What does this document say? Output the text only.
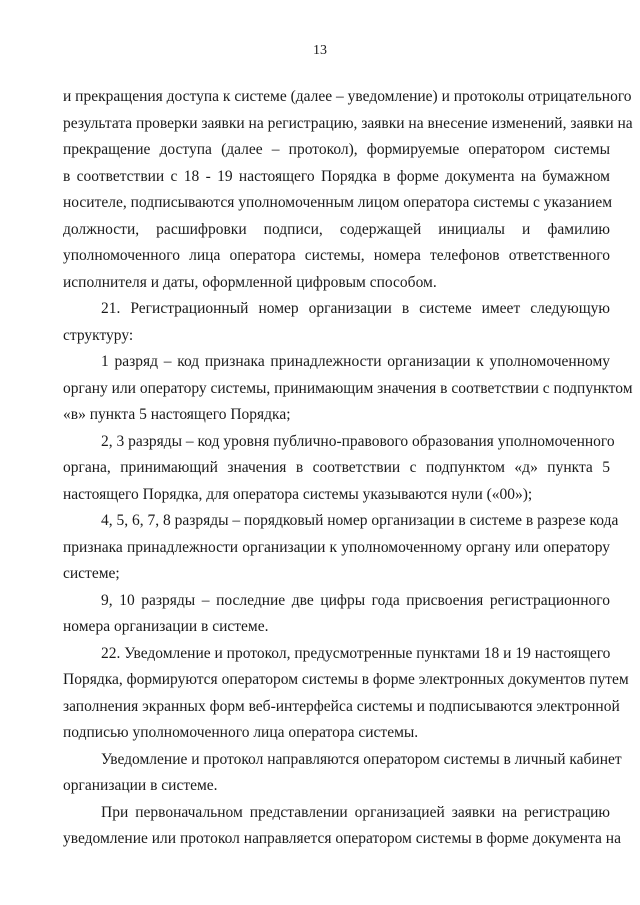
13
и прекращения доступа к системе (далее – уведомление) и протоколы отрицательного
результата проверки заявки на регистрацию, заявки на внесение изменений, заявки на
прекращение доступа (далее – протокол), формируемые оператором системы
в соответствии с 18 - 19 настоящего Порядка в форме документа на бумажном
носителе, подписываются уполномоченным лицом оператора системы с указанием
должности, расшифровки подписи, содержащей инициалы и фамилию
уполномоченного лица оператора системы, номера телефонов ответственного
исполнителя и даты, оформленной цифровым способом.
21. Регистрационный номер организации в системе имеет следующую
структуру:
1 разряд – код признака принадлежности организации к уполномоченному
органу или оператору системы, принимающим значения в соответствии с подпунктом
«в» пункта 5 настоящего Порядка;
2, 3 разряды – код уровня публично-правового образования уполномоченного
органа, принимающий значения в соответствии с подпунктом «д» пункта 5
настоящего Порядка, для оператора системы указываются нули («00»);
4, 5, 6, 7, 8 разряды – порядковый номер организации в системе в разрезе кода
признака принадлежности организации к уполномоченному органу или оператору
системе;
9, 10 разряды – последние две цифры года присвоения регистрационного
номера организации в системе.
22. Уведомление и протокол, предусмотренные пунктами 18 и 19 настоящего
Порядка, формируются оператором системы в форме электронных документов путем
заполнения экранных форм веб-интерфейса системы и подписываются электронной
подписью уполномоченного лица оператора системы.
Уведомление и протокол направляются оператором системы в личный кабинет
организации в системе.
При первоначальном представлении организацией заявки на регистрацию
уведомление или протокол направляется оператором системы в форме документа на
